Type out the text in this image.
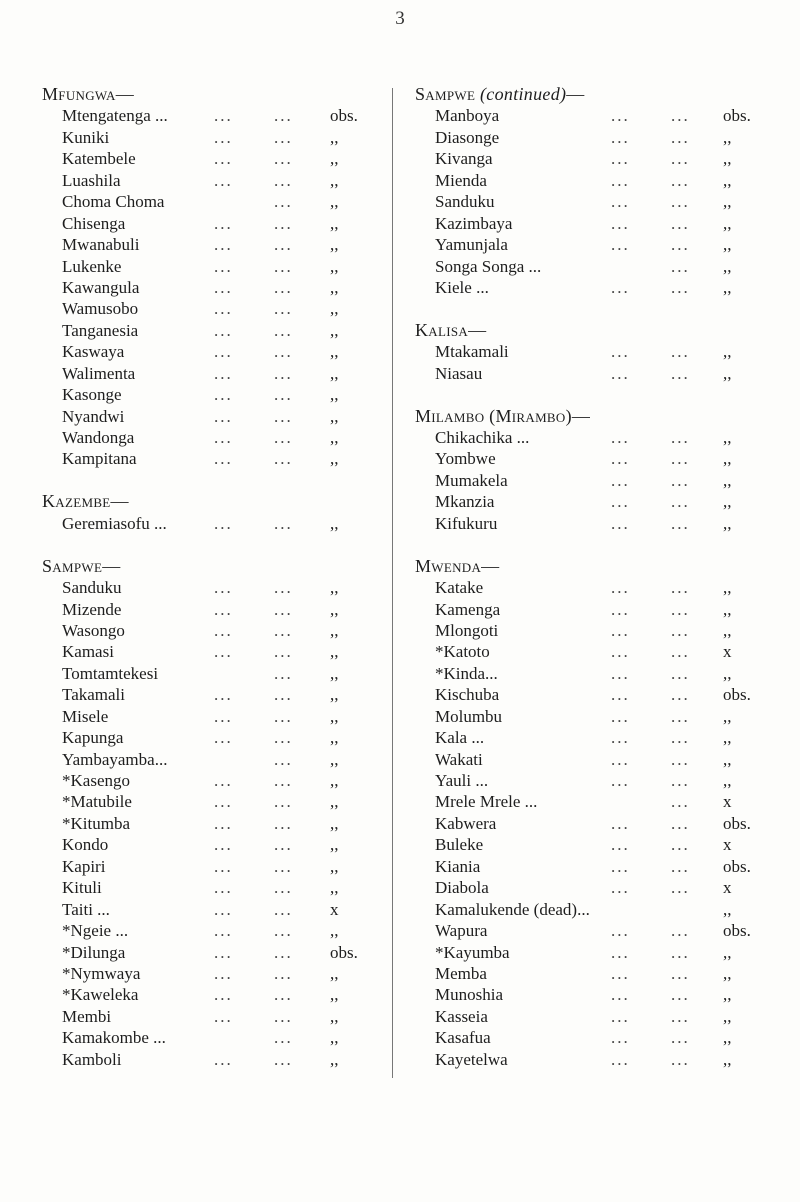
3
Mfungwa—
Mtengatenga ...	... ... obs.
Kuniki	... ... ,,
Katembele	... ... ,,
Luashila	... ... ,,
Choma Choma	... ,,
Chisenga	... ... ,,
Mwanabuli	... ... ,,
Lukenke	... ... ,,
Kawangula	... ... ,,
Wamusobo	... ... ,,
Tanganesia	... ... ,,
Kaswaya	... ... ,,
Walimenta	... ... ,,
Kasonge	... ... ,,
Nyandwi	... ... ,,
Wandonga	... ... ,,
Kampitana	... ... ,,
Kazembe—
Geremiasofu ...	... ... ,,
Sampwe—
Sanduku	... ... ,,
Mizende	... ... ,,
Wasongo	... ... ,,
Kamasi	... ... ,,
Tomtamtekesi	... ,,
Takamali	... ... ,,
Misele	... ... ,,
Kapunga	... ... ,,
Yambayamba...	... ,,
*Kasengo	... ... ,,
*Matubile	... ... ,,
*Kitumba	... ... ,,
Kondo	... ... ,,
Kapiri	... ... ,,
Kituli	... ... ,,
Taiti ...	... ... x
*Ngeie ...	... ... ,,
*Dilunga	... ... obs.
*Nymwaya	... ... ,,
*Kaweleka	... ... ,,
Membi	... ... ,,
Kamakombe ...	... ,,
Kamboli	... ... ,,
Sampwe (continued)—
Manboya	... ... obs.
Diasonge	... ... ,,
Kivanga	... ... ,,
Mienda	... ... ,,
Sanduku	... ... ,,
Kazimbaya	... ... ,,
Yamunjala	... ... ,,
Songa Songa ...	... ,,
Kiele ...	... ... ,,
Kalisa—
Mtakamali	... ... ,,
Niasau	... ... ,,
Milambo (Mirambo)—
Chikachika ...	... ... ,,
Yombwe	... ... ,,
Mumakela	... ... ,,
Mkanzia	... ... ,,
Kifukuru	... ... ,,
Mwenda—
Katake	... ... ,,
Kamenga	... ... ,,
Mlongoti	... ... ,,
*Katoto	... ... x
*Kinda...	... ... ,,
Kischuba	... ... obs.
Molumbu	... ... ,,
Kala ...	... ... ,,
Wakati	... ... ,,
Yauli ...	... ... ,,
Mrele Mrele ...	... x
Kabwera	... ... obs.
Buleke	... ... x
Kiania	... ... obs.
Diabola	... ... x
Kamalukende (dead)...	,,
Wapura	... ... obs.
*Kayumba	... ... ,,
Memba	... ... ,,
Munoshia	... ... ,,
Kasseia	... ... ,,
Kasafua	... ... ,,
Kayetelwa	... ... ,,
